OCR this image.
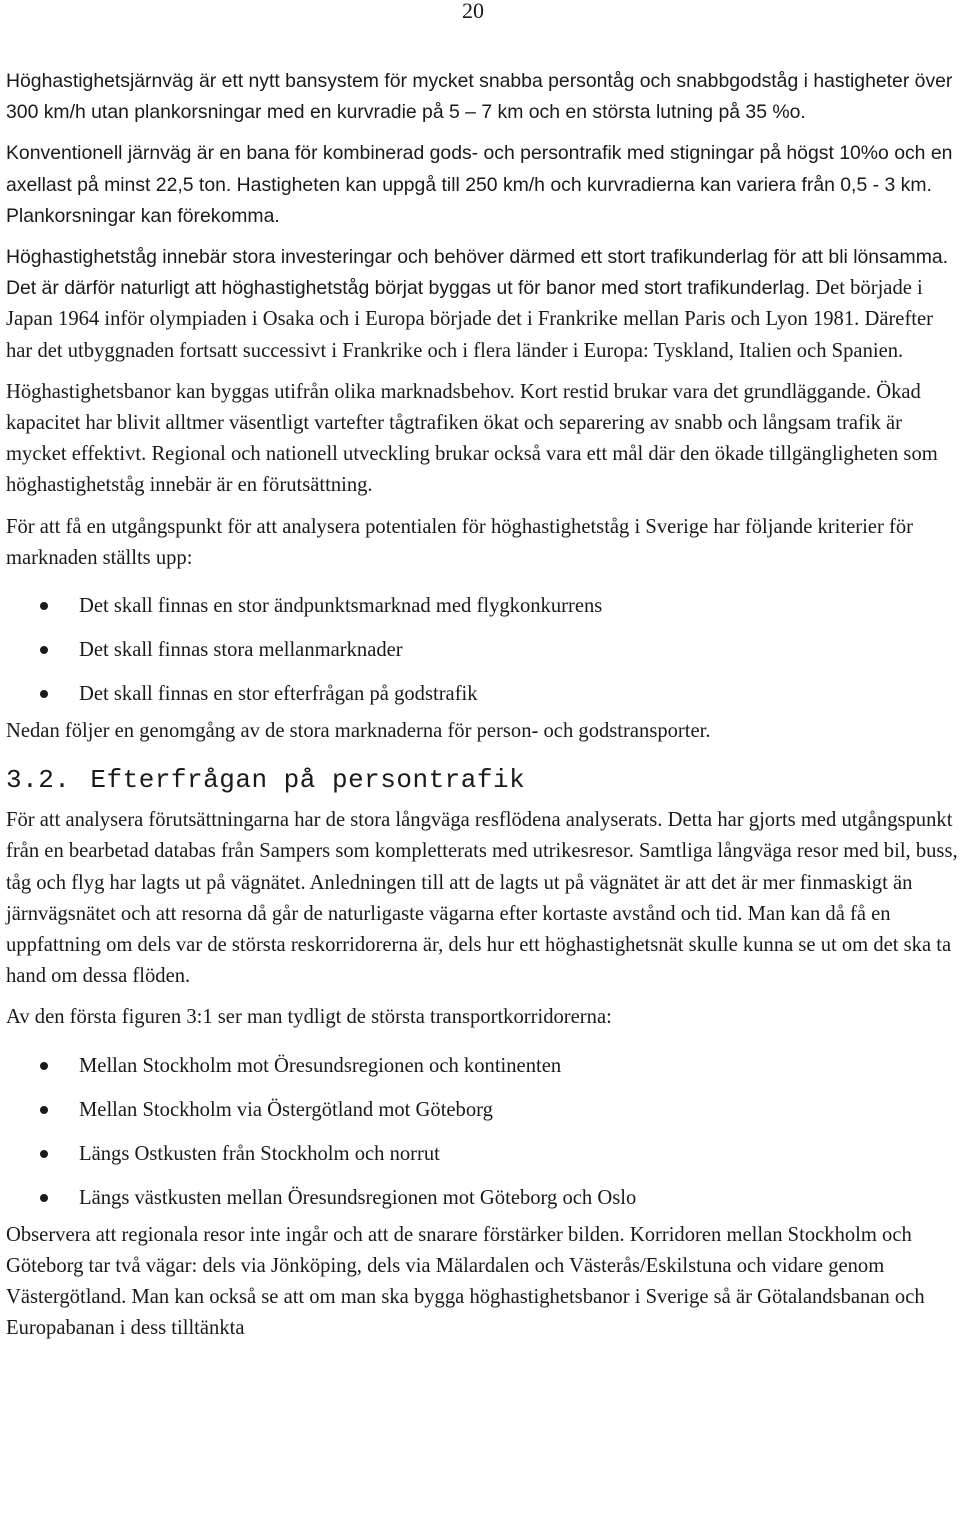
20

Höghastighetsjärnväg är ett nytt bansystem för mycket snabba persontåg och snabbgodståg i hastigheter över 300 km/h utan plankorsningar med en kurvradie på 5 – 7 km och en största lutning på 35 %o.

Konventionell järnväg är en bana för kombinerad gods- och persontrafik med stigningar på högst 10%o och en axellast på minst 22,5 ton. Hastigheten kan uppgå till 250 km/h och kurvradierna kan variera från 0,5 - 3 km. Plankorsningar kan förekomma.

Höghastighetståg innebär stora investeringar och behöver därmed ett stort trafikunderlag för att bli lönsamma. Det är därför naturligt att höghastighetståg börjat byggas ut för banor med stort trafikunderlag. Det började i Japan 1964 inför olympiaden i Osaka och i Europa började det i Frankrike mellan Paris och Lyon 1981. Därefter har det utbyggnaden fortsatt successivt i Frankrike och i flera länder i Europa: Tyskland, Italien och Spanien.

Höghastighetsbanor kan byggas utifrån olika marknadsbehov. Kort restid brukar vara det grundläggande. Ökad kapacitet har blivit alltmer väsentligt vartefter tågtrafiken ökat och separering av snabb och långsam trafik är mycket effektivt. Regional och nationell utveckling brukar också vara ett mål där den ökade tillgängligheten som höghastighetståg innebär är en förutsättning.

För att få en utgångspunkt för att analysera potentialen för höghastighetståg i Sverige har följande kriterier för marknaden ställts upp:

Det skall finnas en stor ändpunktsmarknad med flygkonkurrens
Det skall finnas stora mellanmarknader
Det skall finnas en stor efterfrågan på godstrafik

Nedan följer en genomgång av de stora marknaderna för person- och godstransporter.

3.2. Efterfrågan på persontrafik

För att analysera förutsättningarna har de stora långväga resflödena analyserats. Detta har gjorts med utgångspunkt från en bearbetad databas från Sampers som kompletterats med utrikesresor. Samtliga långväga resor med bil, buss, tåg och flyg har lagts ut på vägnätet. Anledningen till att de lagts ut på vägnätet är att det är mer finmaskigt än järnvägsnätet och att resorna då går de naturligaste vägarna efter kortaste avstånd och tid. Man kan då få en uppfattning om dels var de största reskorridorerna är, dels hur ett höghastighetsnät skulle kunna se ut om det ska ta hand om dessa flöden.

Av den första figuren 3:1 ser man tydligt de största transportkorridorerna:

Mellan Stockholm mot Öresundsregionen och kontinenten
Mellan Stockholm via Östergötland mot Göteborg
Längs Ostkusten från Stockholm och norrut
Längs västkusten mellan Öresundsregionen mot Göteborg och Oslo

Observera att regionala resor inte ingår och att de snarare förstärker bilden. Korridoren mellan Stockholm och Göteborg tar två vägar: dels via Jönköping, dels via Mälardalen och Västerås/Eskilstuna och vidare genom Västergötland. Man kan också se att om man ska bygga höghastighetsbanor i Sverige så är Götalandsbanan och Europabanan i dess tilltänkta
